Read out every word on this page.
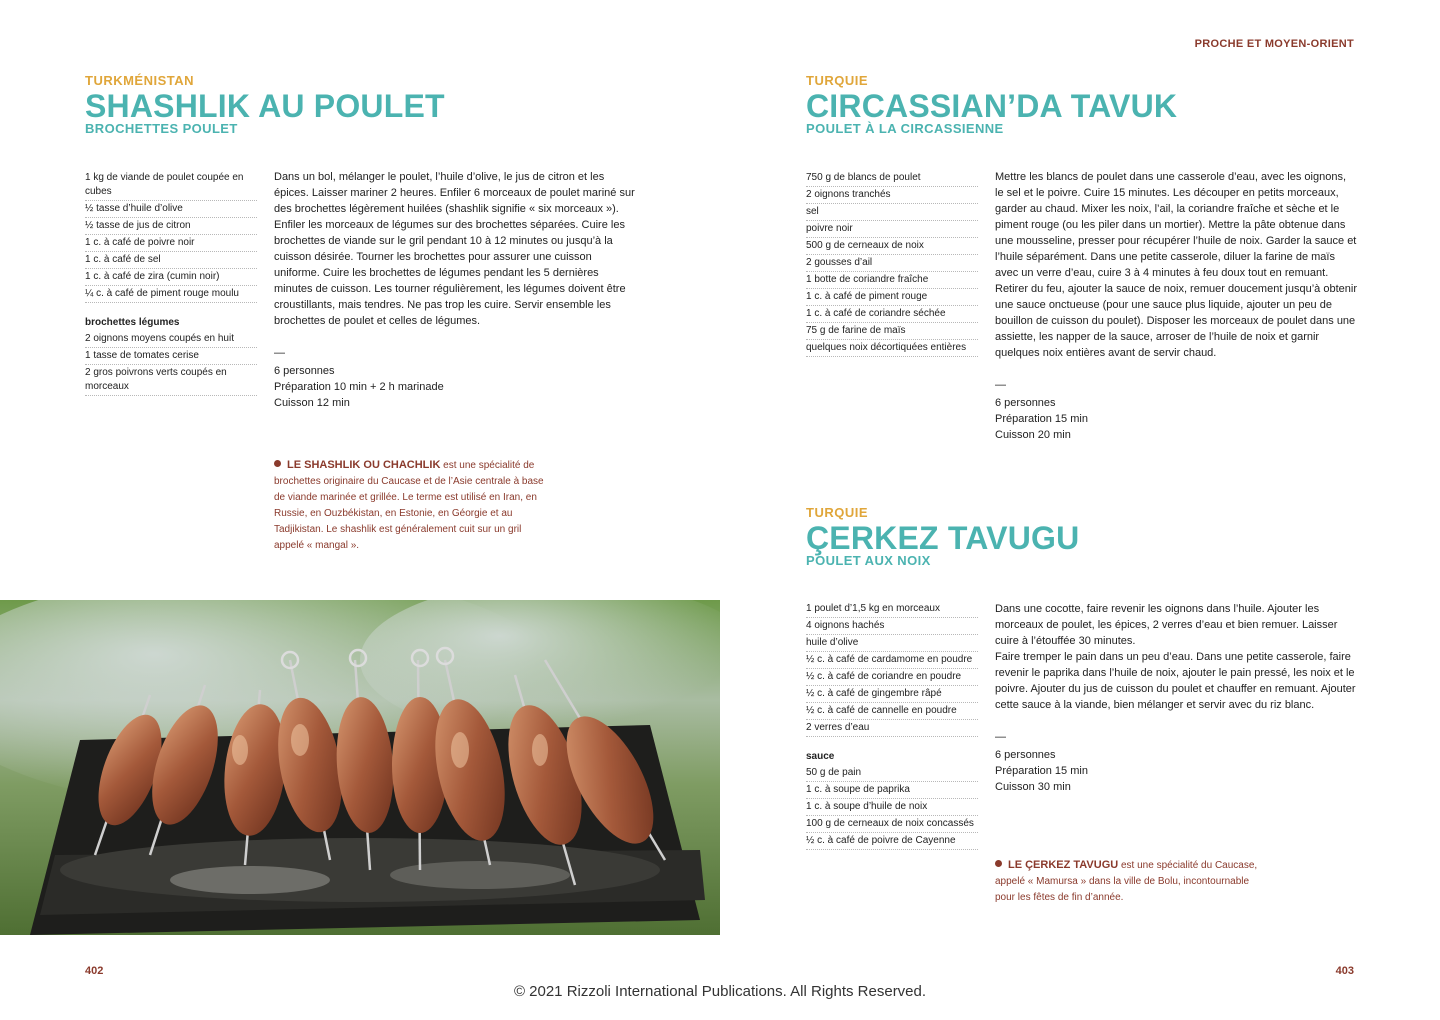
PROCHE ET MOYEN-ORIENT
TURKMÉNISTAN
SHASHLIK AU POULET
BROCHETTES POULET
1 kg de viande de poulet coupée en cubes
½ tasse d’huile d’olive
½ tasse de jus de citron
1 c. à café de poivre noir
1 c. à café de sel
1 c. à café de zira (cumin noir)
¼ c. à café de piment rouge moulu
brochettes légumes
2 oignons moyens coupés en huit
1 tasse de tomates cerise
2 gros poivrons verts coupés en morceaux
Dans un bol, mélanger le poulet, l’huile d’olive, le jus de citron et les épices. Laisser mariner 2 heures. Enfiler 6 morceaux de poulet mariné sur des brochettes légèrement huilées (shashlik signifie « six morceaux »). Enfiler les morceaux de légumes sur des brochettes séparées. Cuire les brochettes de viande sur le gril pendant 10 à 12 minutes ou jusqu’à la cuisson désirée. Tourner les brochettes pour assurer une cuisson uniforme. Cuire les brochettes de légumes pendant les 5 dernières minutes de cuisson. Les tourner régulièrement, les légumes doivent être croustillants, mais tendres. Ne pas trop les cuire. Servir ensemble les brochettes de poulet et celles de légumes.
—
6 personnes
Préparation 10 min + 2 h marinade
Cuisson 12 min
LE SHASHLIK OU CHACHLIK est une spécialité de brochettes originaire du Caucase et de l’Asie centrale à base de viande marinée et grillée. Le terme est utilisé en Iran, en Russie, en Ouzbékistan, en Estonie, en Géorgie et au Tadjikistan. Le shashlik est généralement cuit sur un gril appelé « mangal ».
TURQUIE
CIRCASSIAN’DA TAVUK
POULET À LA CIRCASSIENNE
750 g de blancs de poulet
2 oignons tranchés
sel
poivre noir
500 g de cerneaux de noix
2 gousses d’ail
1 botte de coriandre fraîche
1 c. à café de piment rouge
1 c. à café de coriandre séchée
75 g de farine de maïs
quelques noix décortiquées entières
Mettre les blancs de poulet dans une casserole d’eau, avec les oignons, le sel et le poivre. Cuire 15 minutes. Les découper en petits morceaux, garder au chaud. Mixer les noix, l’ail, la coriandre fraîche et sèche et le piment rouge (ou les piler dans un mortier). Mettre la pâte obtenue dans une mousseline, presser pour récupérer l’huile de noix. Garder la sauce et l’huile séparément. Dans une petite casserole, diluer la farine de maïs avec un verre d’eau, cuire 3 à 4 minutes à feu doux tout en remuant. Retirer du feu, ajouter la sauce de noix, remuer doucement jusqu’à obtenir une sauce onctueuse (pour une sauce plus liquide, ajouter un peu de bouillon de cuisson du poulet). Disposer les morceaux de poulet dans une assiette, les napper de la sauce, arroser de l’huile de noix et garnir quelques noix entières avant de servir chaud.
—
6 personnes
Préparation 15 min
Cuisson 20 min
TURQUIE
ÇERKEZ TAVUGU
POULET AUX NOIX
1 poulet d’1,5 kg en morceaux
4 oignons hachés
huile d’olive
½ c. à café de cardamome en poudre
½ c. à café de coriandre en poudre
½ c. à café de gingembre râpé
½ c. à café de cannelle en poudre
2 verres d’eau
sauce
50 g de pain
1 c. à soupe de paprika
1 c. à soupe d’huile de noix
100 g de cerneaux de noix concassés
½ c. à café de poivre de Cayenne
Dans une cocotte, faire revenir les oignons dans l’huile. Ajouter les morceaux de poulet, les épices, 2 verres d’eau et bien remuer. Laisser cuire à l’étouffée 30 minutes.
Faire tremper le pain dans un peu d’eau. Dans une petite casserole, faire revenir le paprika dans l’huile de noix, ajouter le pain pressé, les noix et le poivre. Ajouter du jus de cuisson du poulet et chauffer en remuant. Ajouter cette sauce à la viande, bien mélanger et servir avec du riz blanc.
—
6 personnes
Préparation 15 min
Cuisson 30 min
LE ÇERKEZ TAVUGU est une spécialité du Caucase, appelé « Mamursa » dans la ville de Bolu, incontournable pour les fêtes de fin d’année.
402	403
© 2021 Rizzoli International Publications. All Rights Reserved.
